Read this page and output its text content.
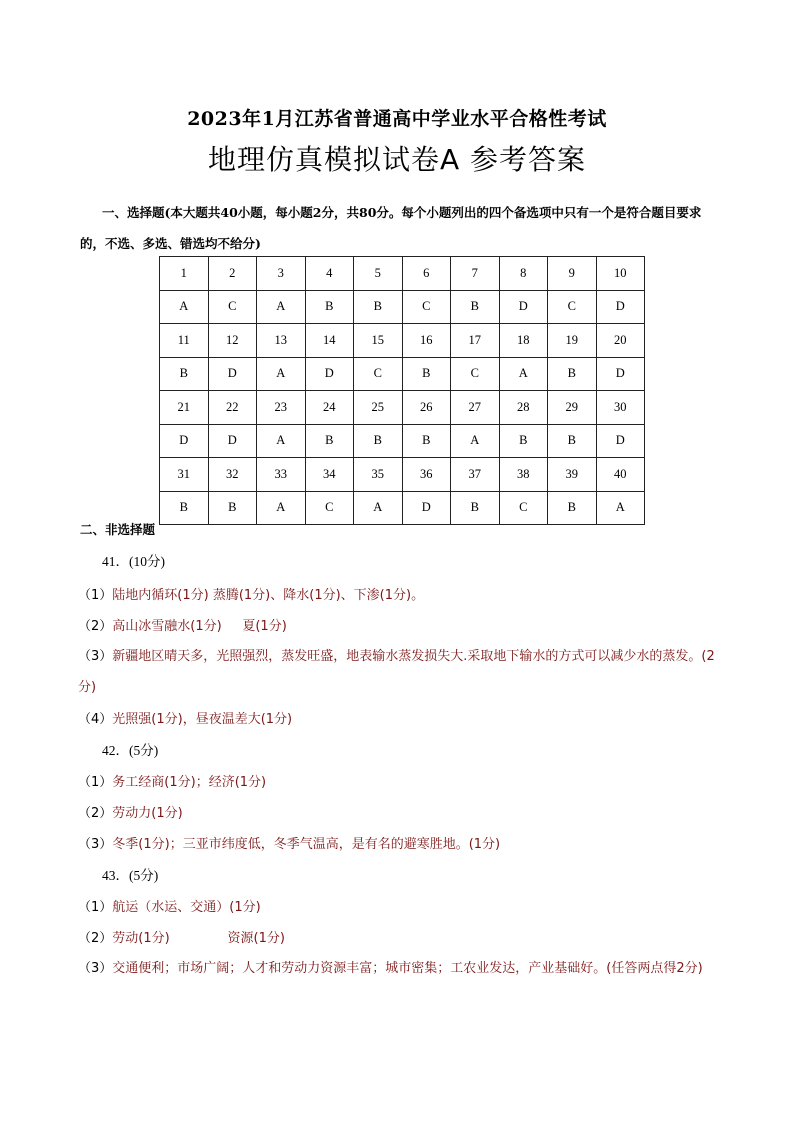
2023年1月江苏省普通高中学业水平合格性考试
地理仿真模拟试卷A 参考答案
一、选择题(本大题共40小题，每小题2分，共80分。每个小题列出的四个备选项中只有一个是符合题目要求的，不选、多选、错选均不给分)
1	2	3	4	5	6	7	8	9	10
A	C	A	B	B	C	B	D	C	D
11	12	13	14	15	16	17	18	19	20
B	D	A	D	C	B	C	A	B	D
21	22	23	24	25	26	27	28	29	30
D	D	A	B	B	B	A	B	B	D
31	32	33	34	35	36	37	38	39	40
B	B	A	C	A	D	B	C	B	A
二、非选择题
41．(10分)
（1）陆地内循环(1分) 蒸腾(1分)、降水(1分)、下渗(1分)。
（2）高山冰雪融水(1分)     夏(1分)
（3）新疆地区晴天多，光照强烈，蒸发旺盛，地表输水蒸发损失大.采取地下输水的方式可以减少水的蒸发。(2分)
（4）光照强(1分)，昼夜温差大(1分)
42．(5分)
（1）务工经商(1分)；经济(1分)
（2）劳动力(1分)
（3）冬季(1分)；三亚市纬度低，冬季气温高，是有名的避寒胜地。(1分)
43．(5分)
（1）航运（水运、交通）(1分)
（2）劳动(1分)              资源(1分)
（3）交通便利；市场广阔；人才和劳动力资源丰富；城市密集；工农业发达，产业基础好。(任答两点得2分)
